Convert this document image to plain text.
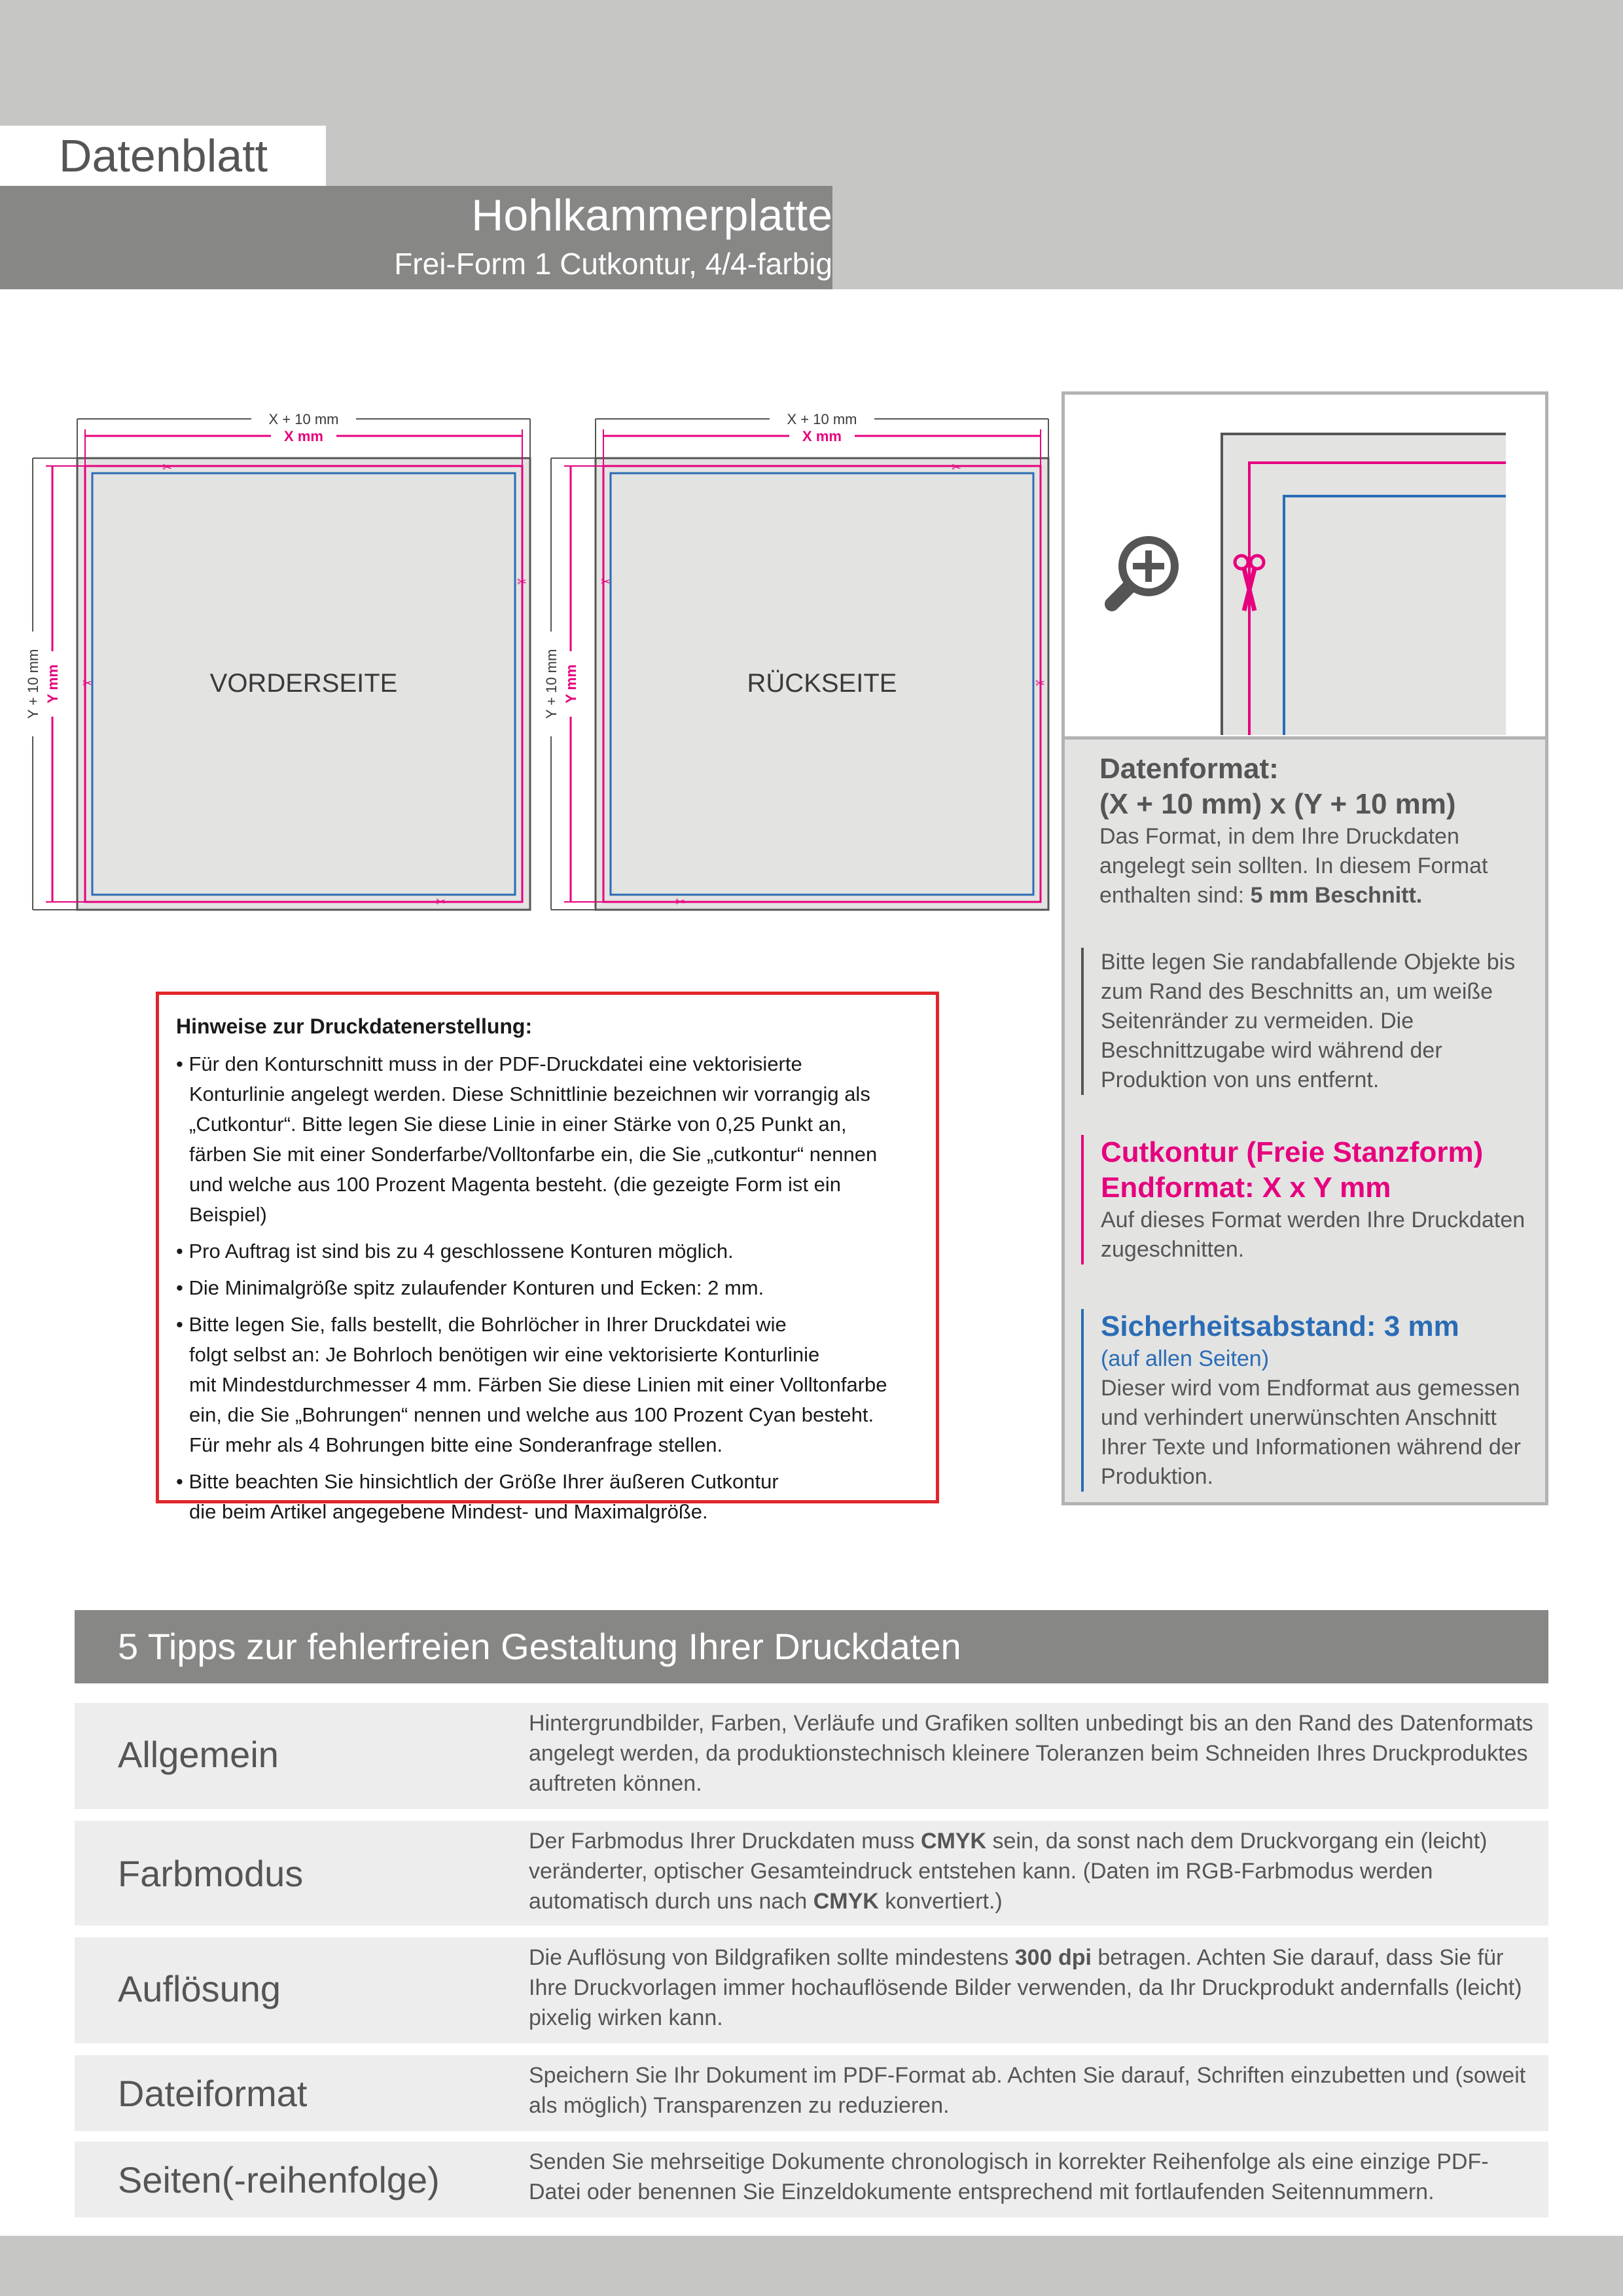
Datenblatt
Hohlkammerplatte
Frei-Form 1 Cutkontur, 4/4-farbig
X + 10 mm
X mm
Y + 10 mm Y mm
✂
✂
✂
✂
VORDERSEITE
X + 10 mm
X mm
Y + 10 mm Y mm
✂
✂
✂
✂
RÜCKSEITE
Datenformat:
(X + 10 mm) x (Y + 10 mm)
Das Format, in dem Ihre Druckdaten angelegt sein sollten. In diesem Format enthalten sind: 5 mm Beschnitt.
Bitte legen Sie randabfallende Objekte bis zum Rand des Beschnitts an, um weiße Seitenränder zu vermeiden. Die Beschnittzugabe wird während der Produktion von uns entfernt.
Cutkontur (Freie Stanzform)
Endformat: X x Y mm
Auf dieses Format werden Ihre Druckdaten zugeschnitten.
Sicherheitsabstand: 3 mm
(auf allen Seiten)
Dieser wird vom Endformat aus gemessen und verhindert unerwünschten Anschnitt Ihrer Texte und Informationen während der Produktion.
Hinweise zur Druckdatenerstellung:
• Für den Konturschnitt muss in der PDF-Druckdatei eine vektorisierte
Konturlinie angelegt werden. Diese Schnittlinie bezeichnen wir vorrangig als
„Cutkontur“. Bitte legen Sie diese Linie in einer Stärke von 0,25 Punkt an,
färben Sie mit einer Sonderfarbe/Volltonfarbe ein, die Sie „cutkontur“ nennen
und welche aus 100 Prozent Magenta besteht. (die gezeigte Form ist ein Beispiel)
• Pro Auftrag ist sind bis zu 4 geschlossene Konturen möglich.
• Die Minimalgröße spitz zulaufender Konturen und Ecken: 2 mm.
• Bitte legen Sie, falls bestellt, die Bohrlöcher in Ihrer Druckdatei wie
folgt selbst an: Je Bohrloch benötigen wir eine vektorisierte Konturlinie
mit Mindestdurchmesser 4 mm. Färben Sie diese Linien mit einer Volltonfarbe
ein, die Sie „Bohrungen“ nennen und welche aus 100 Prozent Cyan besteht.
Für mehr als 4 Bohrungen bitte eine Sonderanfrage stellen.
• Bitte beachten Sie hinsichtlich der Größe Ihrer äußeren Cutkontur
die beim Artikel angegebene Mindest- und Maximalgröße.
5 Tipps zur fehlerfreien Gestaltung Ihrer Druckdaten
Allgemein
Hintergrundbilder, Farben, Verläufe und Grafiken sollten unbedingt bis an den Rand des Datenformats angelegt werden, da produktionstechnisch kleinere Toleranzen beim Schneiden Ihres Druckproduktes auftreten können.
Farbmodus
Der Farbmodus Ihrer Druckdaten muss CMYK sein, da sonst nach dem Druckvorgang ein (leicht) veränderter, optischer Gesamteindruck entstehen kann. (Daten im RGB-Farbmodus werden automatisch durch uns nach CMYK konvertiert.)
Auflösung
Die Auflösung von Bildgrafiken sollte mindestens 300 dpi betragen. Achten Sie darauf, dass Sie für Ihre Druckvorlagen immer hochauflösende Bilder verwenden, da Ihr Druckprodukt andernfalls (leicht) pixelig wirken kann.
Dateiformat	Speichern Sie Ihr Dokument im PDF-Format ab. Achten Sie darauf, Schriften einzubetten und (soweit als möglich) Transparenzen zu reduzieren.
Seiten(-reihenfolge)	Senden Sie mehrseitige Dokumente chronologisch in korrekter Reihenfolge als eine einzige PDF-Datei oder benennen Sie Einzeldokumente entsprechend mit fortlaufenden Seitennummern.
